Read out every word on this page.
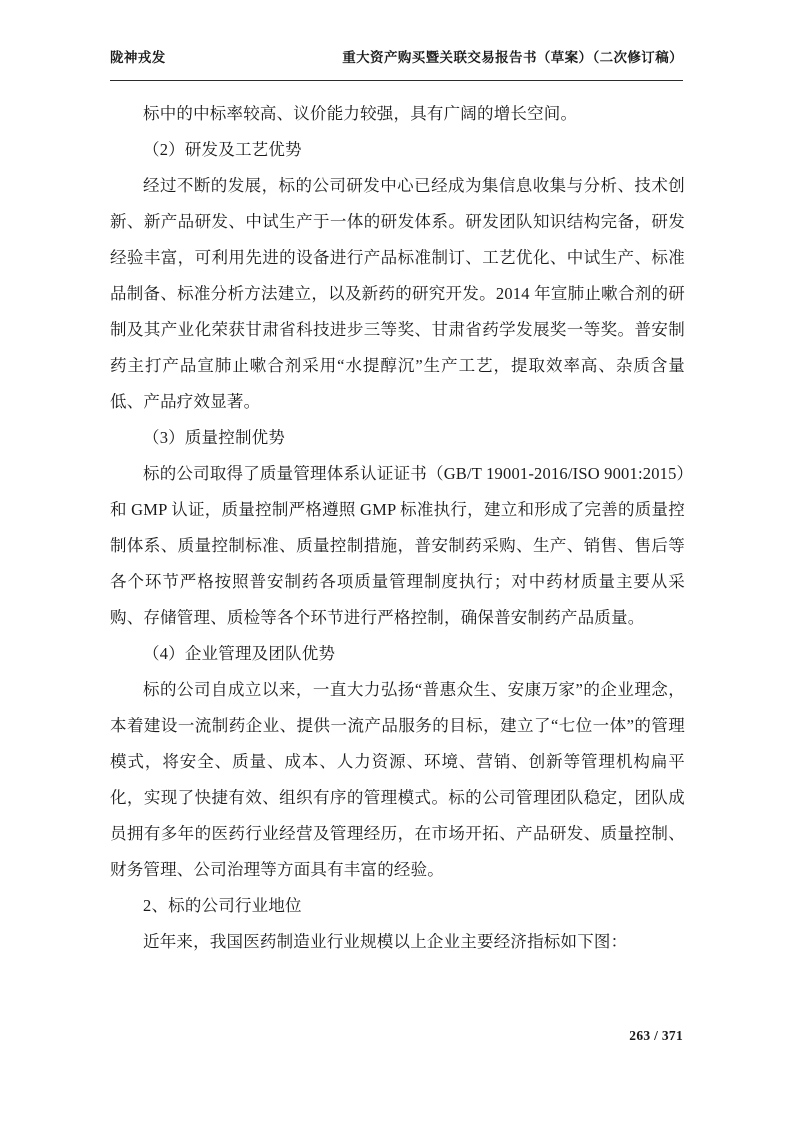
陇神戎发	重大资产购买暨关联交易报告书（草案）（二次修订稿）

标中的中标率较高、议价能力较强，具有广阔的增长空间。

（2）研发及工艺优势

经过不断的发展，标的公司研发中心已经成为集信息收集与分析、技术创新、新产品研发、中试生产于一体的研发体系。研发团队知识结构完备，研发经验丰富，可利用先进的设备进行产品标准制订、工艺优化、中试生产、标准品制备、标准分析方法建立，以及新药的研究开发。2014 年宣肺止嗽合剂的研制及其产业化荣获甘肃省科技进步三等奖、甘肃省药学发展奖一等奖。普安制药主打产品宣肺止嗽合剂采用“水提醇沉”生产工艺，提取效率高、杂质含量低、产品疗效显著。

（3）质量控制优势

标的公司取得了质量管理体系认证证书（GB/T 19001-2016/ISO 9001:2015）和 GMP 认证，质量控制严格遵照 GMP 标准执行，建立和形成了完善的质量控制体系、质量控制标准、质量控制措施，普安制药采购、生产、销售、售后等各个环节严格按照普安制药各项质量管理制度执行；对中药材质量主要从采购、存储管理、质检等各个环节进行严格控制，确保普安制药产品质量。

（4）企业管理及团队优势

标的公司自成立以来，一直大力弘扬“普惠众生、安康万家”的企业理念，本着建设一流制药企业、提供一流产品服务的目标，建立了“七位一体”的管理模式，将安全、质量、成本、人力资源、环境、营销、创新等管理机构扁平化，实现了快捷有效、组织有序的管理模式。标的公司管理团队稳定，团队成员拥有多年的医药行业经营及管理经历，在市场开拓、产品研发、质量控制、财务管理、公司治理等方面具有丰富的经验。

2、标的公司行业地位

近年来，我国医药制造业行业规模以上企业主要经济指标如下图：

263 / 371
